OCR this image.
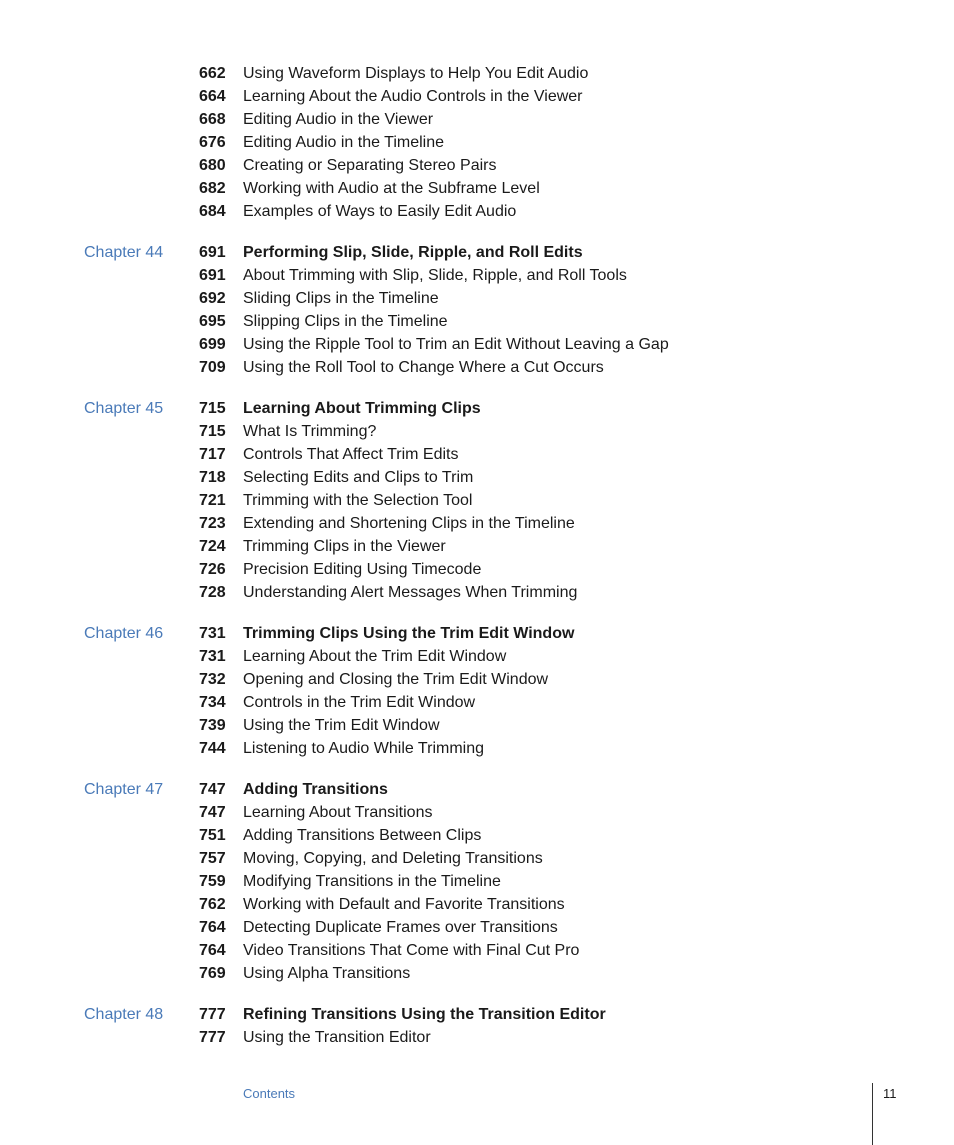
662 Using Waveform Displays to Help You Edit Audio
664 Learning About the Audio Controls in the Viewer
668 Editing Audio in the Viewer
676 Editing Audio in the Timeline
680 Creating or Separating Stereo Pairs
682 Working with Audio at the Subframe Level
684 Examples of Ways to Easily Edit Audio
Chapter 44 691 Performing Slip, Slide, Ripple, and Roll Edits
691 About Trimming with Slip, Slide, Ripple, and Roll Tools
692 Sliding Clips in the Timeline
695 Slipping Clips in the Timeline
699 Using the Ripple Tool to Trim an Edit Without Leaving a Gap
709 Using the Roll Tool to Change Where a Cut Occurs
Chapter 45 715 Learning About Trimming Clips
715 What Is Trimming?
717 Controls That Affect Trim Edits
718 Selecting Edits and Clips to Trim
721 Trimming with the Selection Tool
723 Extending and Shortening Clips in the Timeline
724 Trimming Clips in the Viewer
726 Precision Editing Using Timecode
728 Understanding Alert Messages When Trimming
Chapter 46 731 Trimming Clips Using the Trim Edit Window
731 Learning About the Trim Edit Window
732 Opening and Closing the Trim Edit Window
734 Controls in the Trim Edit Window
739 Using the Trim Edit Window
744 Listening to Audio While Trimming
Chapter 47 747 Adding Transitions
747 Learning About Transitions
751 Adding Transitions Between Clips
757 Moving, Copying, and Deleting Transitions
759 Modifying Transitions in the Timeline
762 Working with Default and Favorite Transitions
764 Detecting Duplicate Frames over Transitions
764 Video Transitions That Come with Final Cut Pro
769 Using Alpha Transitions
Chapter 48 777 Refining Transitions Using the Transition Editor
777 Using the Transition Editor
Contents	11
